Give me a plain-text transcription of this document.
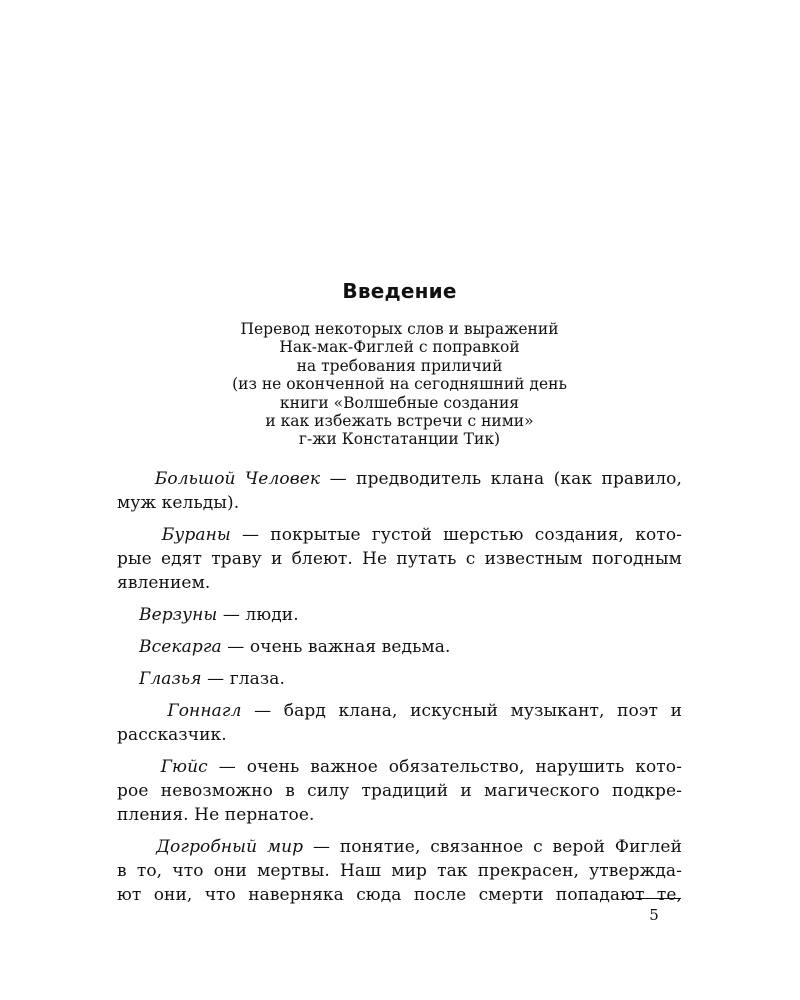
Введение
Перевод некоторых слов и выражений
Нак-мак-Фиглей с поправкой
на требования приличий
(из не оконченной на сегодняшний день
книги «Волшебные создания
и как избежать встречи с ними»
г-жи Констатанции Тик)
Большой Человек — предводитель клана (как правило,
муж кельды).
Бураны — покрытые густой шерстью создания, кото-
рые едят траву и блеют. Не путать с известным погодным
явлением.
Верзуны — люди.
Всекарга — очень важная ведьма.
Глазья — глаза.
Гоннагл — бард клана, искусный музыкант, поэт и
рассказчик.
Гюйс — очень важное обязательство, нарушить кото-
рое невозможно в силу традиций и магического подкре-
пления. Не пернатое.
Догробный мир — понятие, связанное с верой Фиглей
в то, что они мертвы. Наш мир так прекрасен, утвержда-
ют они, что наверняка сюда после смерти попадают те,
5
